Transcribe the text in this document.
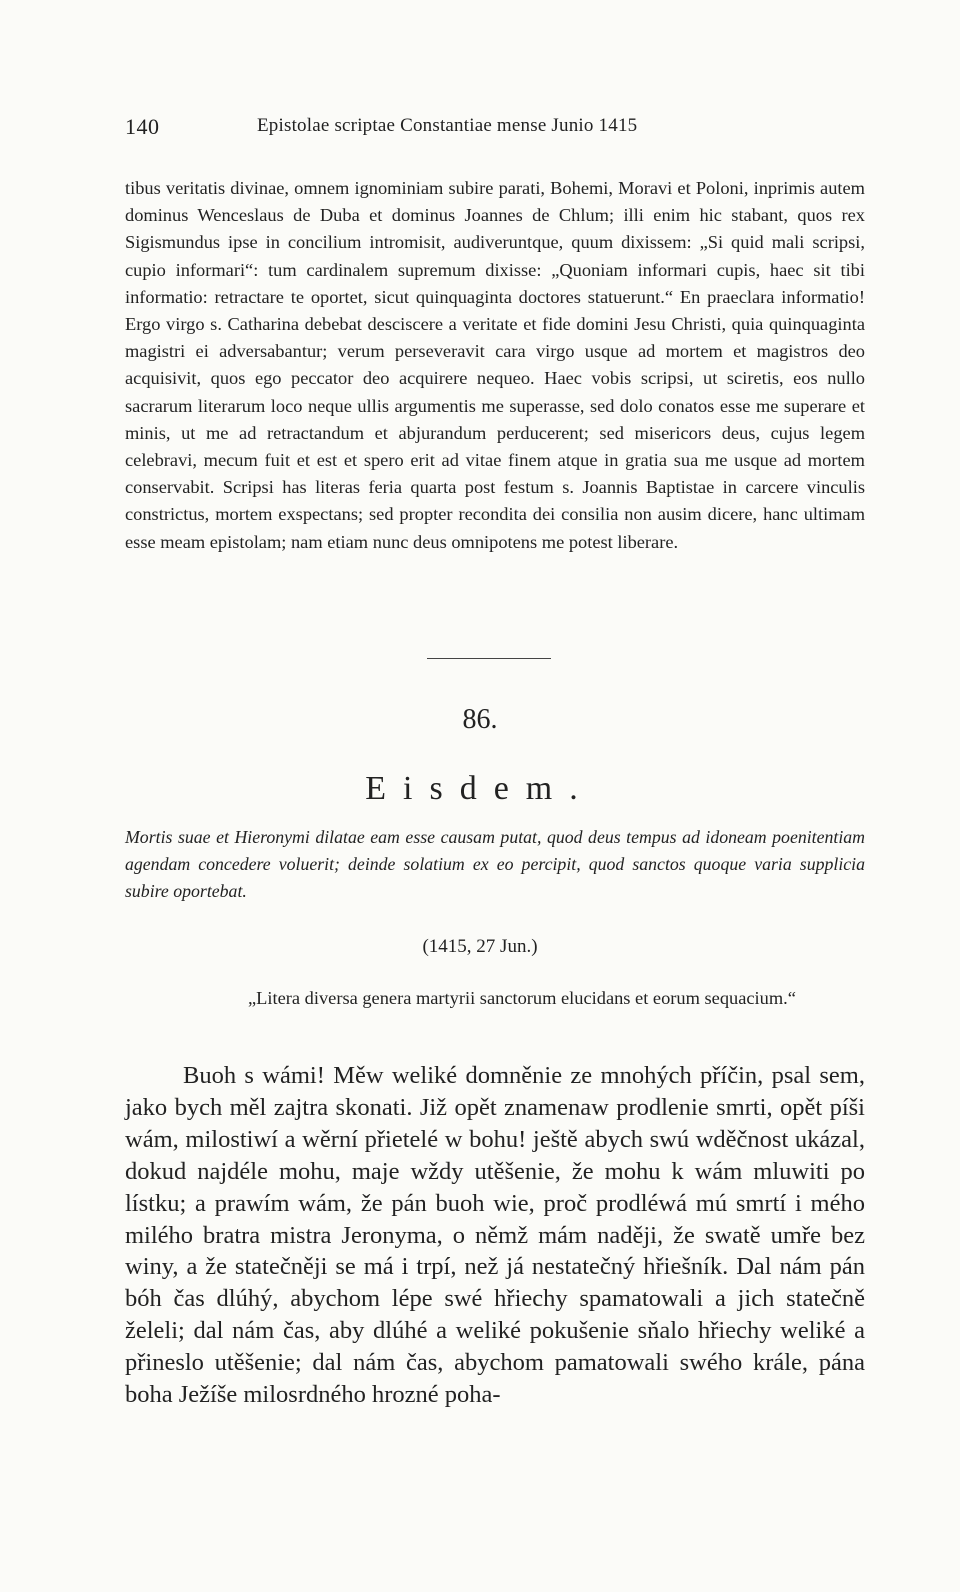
140	Epistolae scriptae Constantiae mense Junio 1415
tibus veritatis divinae, omnem ignominiam subire parati, Bohemi, Moravi et Poloni, inprimis autem dominus Wenceslaus de Duba et dominus Joannes de Chlum; illi enim hic stabant, quos rex Sigismundus ipse in concilium intromisit, audiveruntque, quum dixissem: „Si quid mali scripsi, cupio informari“: tum cardinalem supremum dixisse: „Quoniam informari cupis, haec sit tibi informatio: retractare te oportet, sicut quinquaginta doctores statuerunt.“ En praeclara informatio! Ergo virgo s. Catharina debebat desciscere a veritate et fide domini Jesu Christi, quia quinquaginta magistri ei adversabantur; verum perseveravit cara virgo usque ad mortem et magistros deo acquisivit, quos ego peccator deo acquirere nequeo. Haec vobis scripsi, ut sciretis, eos nullo sacrarum literarum loco neque ullis argumentis me superasse, sed dolo conatos esse me superare et minis, ut me ad retractandum et abjurandum perducerent; sed misericors deus, cujus legem celebravi, mecum fuit et est et spero erit ad vitae finem atque in gratia sua me usque ad mortem conservabit. Scripsi has literas feria quarta post festum s. Joannis Baptistae in carcere vinculis constrictus, mortem exspectans; sed propter recondita dei consilia non ausim dicere, hanc ultimam esse meam epistolam; nam etiam nunc deus omnipotens me potest liberare.
86.
Eisdem.
Mortis suae et Hieronymi dilatae eam esse causam putat, quod deus tempus ad idoneam poenitentiam agendam concedere voluerit; deinde solatium ex eo percipit, quod sanctos quoque varia supplicia subire oportebat.
(1415, 27 Jun.)
„Litera diversa genera martyrii sanctorum elucidans et eorum sequacium.“

Buoh s wámi! Měw weliké domněnie ze mnohých příčin, psal sem, jako bych měl zajtra skonati. Již opět znamenaw prodlenie smrti, opět píši wám, milostiwí a wěrní přietelé w bohu! ještě abych swú wděčnost ukázal, dokud najdéle mohu, maje wždy utěšenie, že mohu k wám mluwiti po lístku; a prawím wám, že pán buoh wie, proč prodléwá mú smrtí i mého milého bratra mistra Jeronyma, o němž mám naději, že swatě umře bez winy, a že statečněji se má i trpí, než já nestatečný hřiešník. Dal nám pán bóh čas dlúhý, abychom lépe swé hřiechy spamatowali a jich statečně želeli; dal nám čas, aby dlúhé a weliké pokušenie sňalo hřiechy weliké a přineslo utěšenie; dal nám čas, abychom pamatowali swého krále, pána boha Ježíše milosrdného hrozné poha-
